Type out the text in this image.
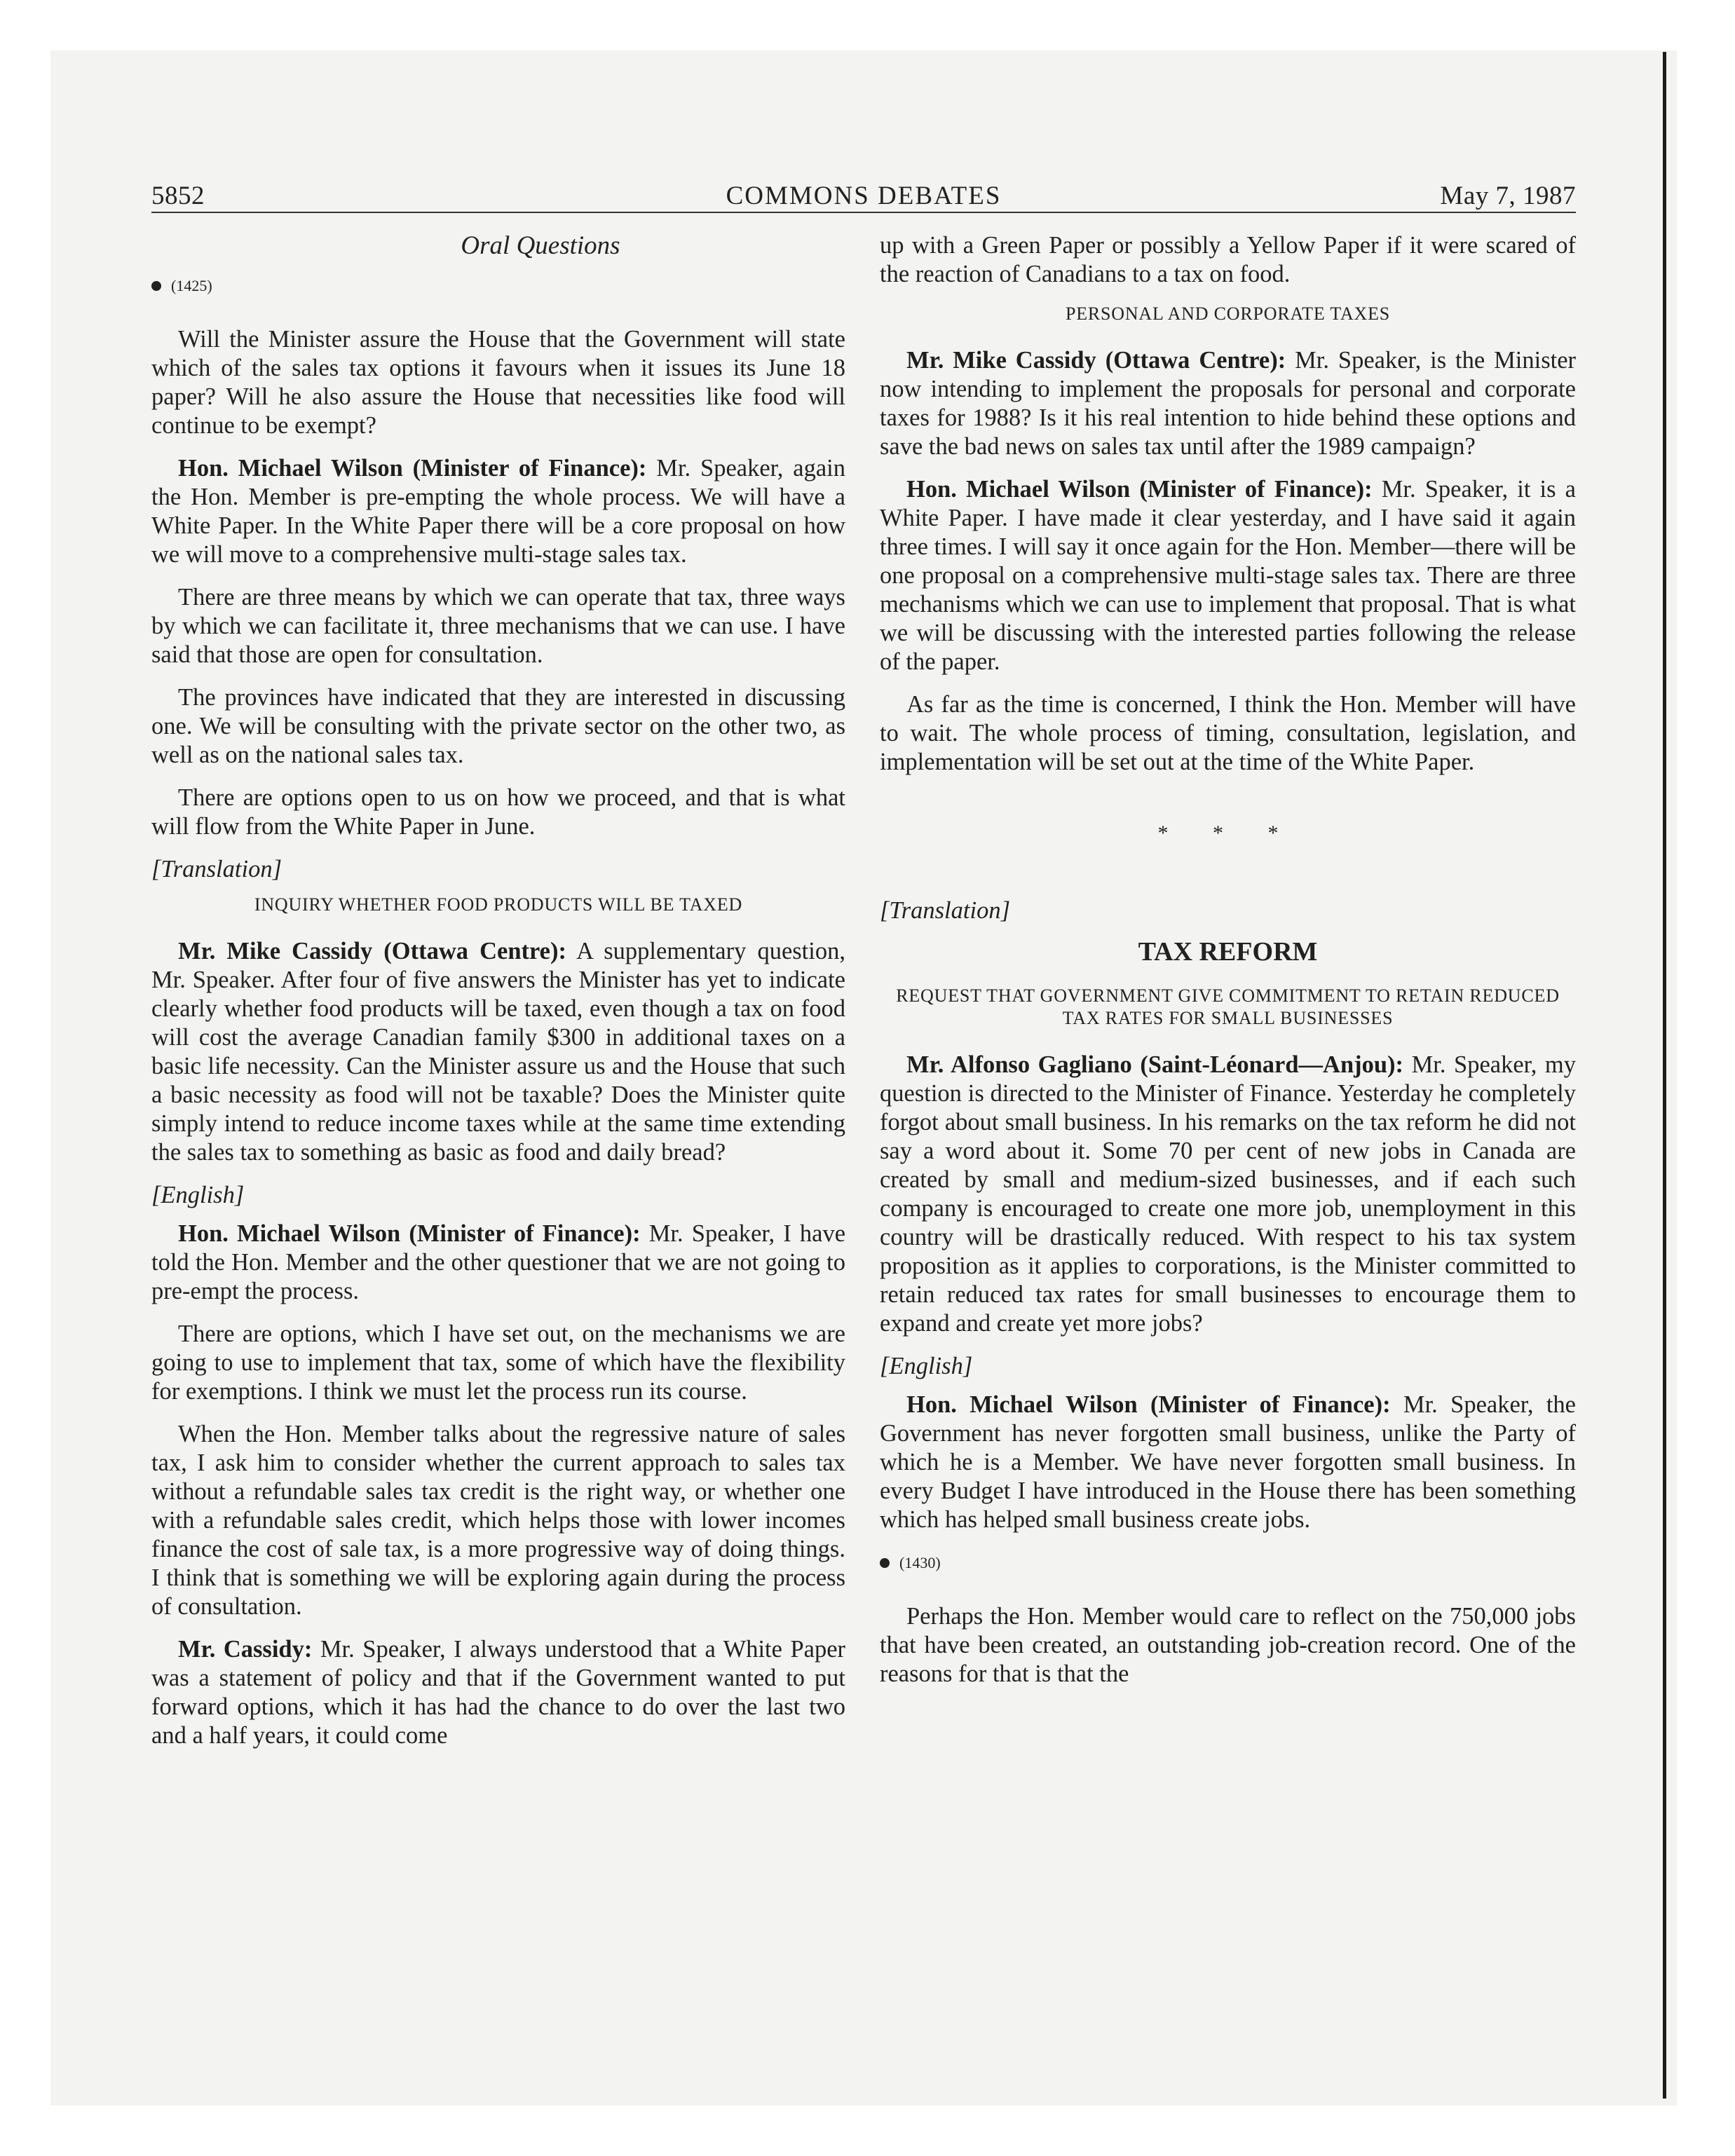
5852	COMMONS DEBATES	May 7, 1987
Oral Questions
(1425)

Will the Minister assure the House that the Government will state which of the sales tax options it favours when it issues its June 18 paper? Will he also assure the House that necessities like food will continue to be exempt?

Hon. Michael Wilson (Minister of Finance): Mr. Speaker, again the Hon. Member is pre-empting the whole process. We will have a White Paper. In the White Paper there will be a core proposal on how we will move to a comprehensive multi-stage sales tax.

There are three means by which we can operate that tax, three ways by which we can facilitate it, three mechanisms that we can use. I have said that those are open for consultation.

The provinces have indicated that they are interested in discussing one. We will be consulting with the private sector on the other two, as well as on the national sales tax.

There are options open to us on how we proceed, and that is what will flow from the White Paper in June.

[Translation]
INQUIRY WHETHER FOOD PRODUCTS WILL BE TAXED

Mr. Mike Cassidy (Ottawa Centre): A supplementary question, Mr. Speaker. After four of five answers the Minister has yet to indicate clearly whether food products will be taxed, even though a tax on food will cost the average Canadian family $300 in additional taxes on a basic life necessity. Can the Minister assure us and the House that such a basic necessity as food will not be taxable? Does the Minister quite simply intend to reduce income taxes while at the same time extending the sales tax to something as basic as food and daily bread?

[English]

Hon. Michael Wilson (Minister of Finance): Mr. Speaker, I have told the Hon. Member and the other questioner that we are not going to pre-empt the process.

There are options, which I have set out, on the mechanisms we are going to use to implement that tax, some of which have the flexibility for exemptions. I think we must let the process run its course.

When the Hon. Member talks about the regressive nature of sales tax, I ask him to consider whether the current approach to sales tax without a refundable sales tax credit is the right way, or whether one with a refundable sales credit, which helps those with lower incomes finance the cost of sale tax, is a more progressive way of doing things. I think that is something we will be exploring again during the process of consultation.

Mr. Cassidy: Mr. Speaker, I always understood that a White Paper was a statement of policy and that if the Government wanted to put forward options, which it has had the chance to do over the last two and a half years, it could come

up with a Green Paper or possibly a Yellow Paper if it were scared of the reaction of Canadians to a tax on food.

PERSONAL AND CORPORATE TAXES

Mr. Mike Cassidy (Ottawa Centre): Mr. Speaker, is the Minister now intending to implement the proposals for personal and corporate taxes for 1988? Is it his real intention to hide behind these options and save the bad news on sales tax until after the 1989 campaign?

Hon. Michael Wilson (Minister of Finance): Mr. Speaker, it is a White Paper. I have made it clear yesterday, and I have said it again three times. I will say it once again for the Hon. Member—there will be one proposal on a comprehensive multi-stage sales tax. There are three mechanisms which we can use to implement that proposal. That is what we will be discussing with the interested parties following the release of the paper.

As far as the time is concerned, I think the Hon. Member will have to wait. The whole process of timing, consultation, legislation, and implementation will be set out at the time of the White Paper.

* * *
[Translation]
TAX REFORM
REQUEST THAT GOVERNMENT GIVE COMMITMENT TO RETAIN REDUCED TAX RATES FOR SMALL BUSINESSES

Mr. Alfonso Gagliano (Saint-Léonard—Anjou): Mr. Speaker, my question is directed to the Minister of Finance. Yesterday he completely forgot about small business. In his remarks on the tax reform he did not say a word about it. Some 70 per cent of new jobs in Canada are created by small and medium-sized businesses, and if each such company is encouraged to create one more job, unemployment in this country will be drastically reduced. With respect to his tax system proposition as it applies to corporations, is the Minister committed to retain reduced tax rates for small businesses to encourage them to expand and create yet more jobs?

[English]

Hon. Michael Wilson (Minister of Finance): Mr. Speaker, the Government has never forgotten small business, unlike the Party of which he is a Member. We have never forgotten small business. In every Budget I have introduced in the House there has been something which has helped small business create jobs.

(1430)

Perhaps the Hon. Member would care to reflect on the 750,000 jobs that have been created, an outstanding job-creation record. One of the reasons for that is that the
